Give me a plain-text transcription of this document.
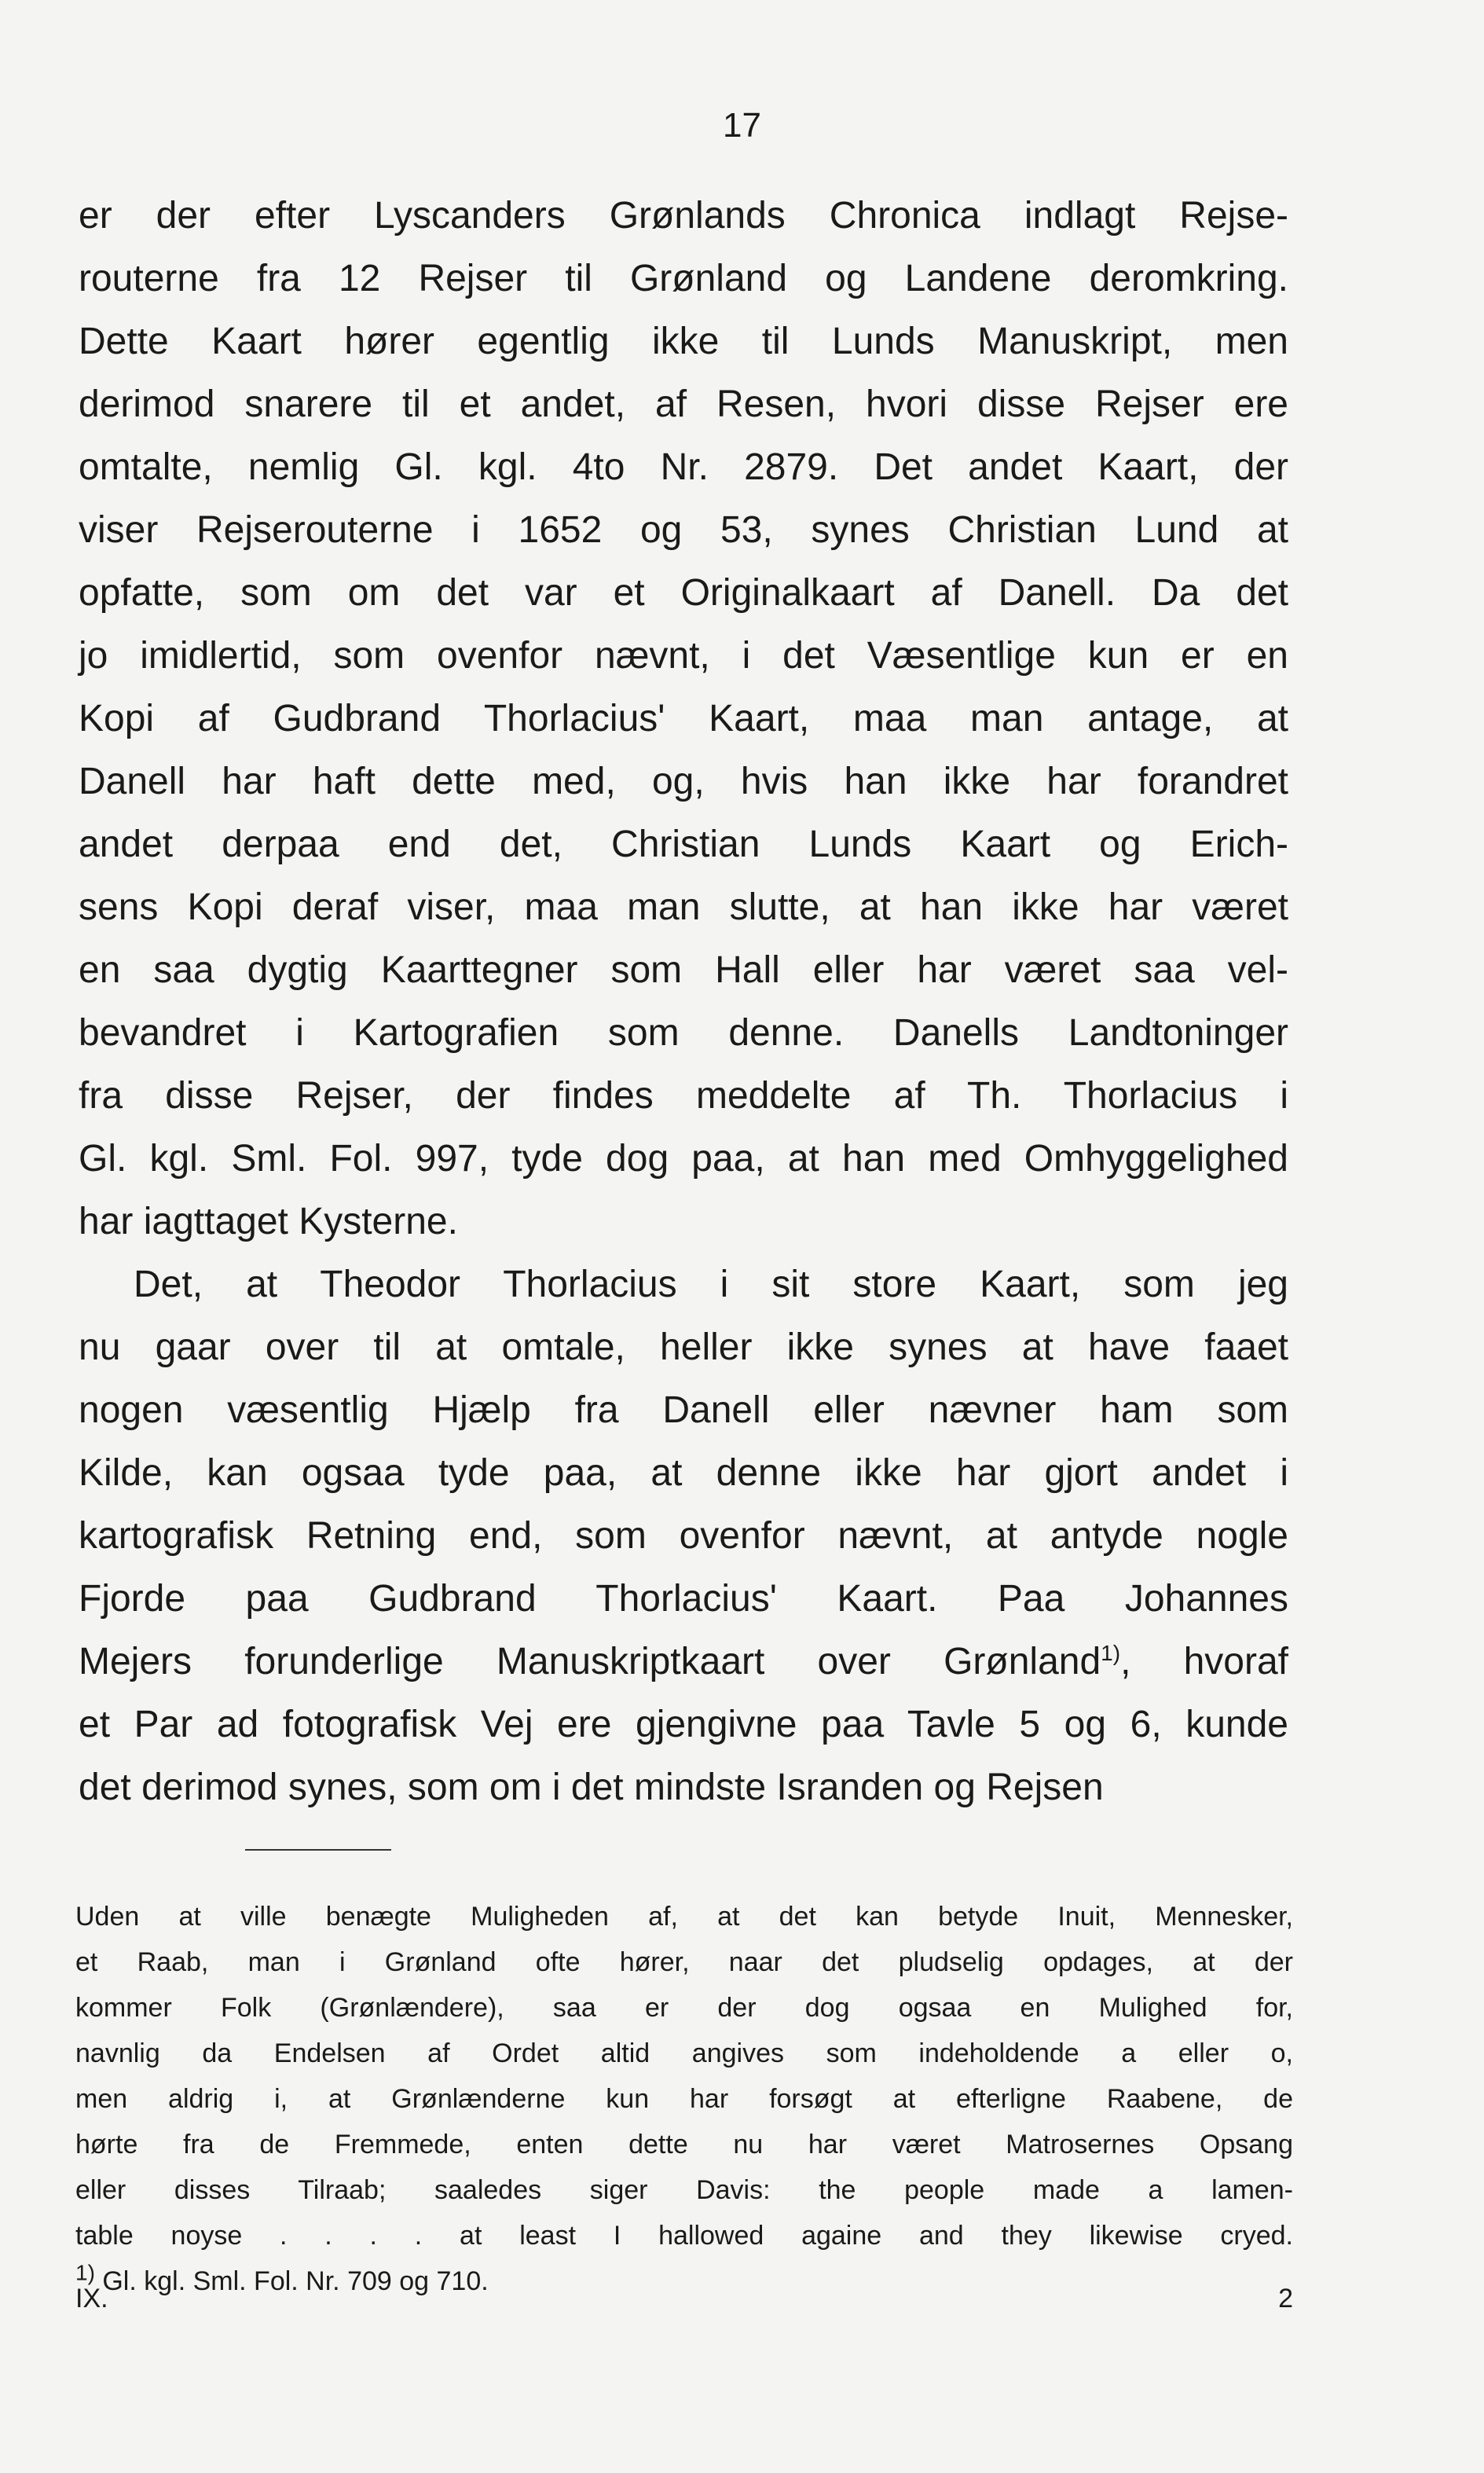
17
er der efter Lyscanders Grønlands Chronica indlagt Rejse-
routerne fra 12 Rejser til Grønland og Landene deromkring.
Dette Kaart hører egentlig ikke til Lunds Manuskript, men
derimod snarere til et andet, af Resen, hvori disse Rejser ere
omtalte, nemlig Gl. kgl. 4to Nr. 2879. Det andet Kaart, der
viser Rejserouterne i 1652 og 53, synes Christian Lund at
opfatte, som om det var et Originalkaart af Danell. Da det
jo imidlertid, som ovenfor nævnt, i det Væsentlige kun er en
Kopi af Gudbrand Thorlacius' Kaart, maa man antage, at
Danell har haft dette med, og, hvis han ikke har forandret
andet derpaa end det, Christian Lunds Kaart og Erich-
sens Kopi deraf viser, maa man slutte, at han ikke har været
en saa dygtig Kaarttegner som Hall eller har været saa vel-
bevandret i Kartografien som denne. Danells Landtoninger
fra disse Rejser, der findes meddelte af Th. Thorlacius i
Gl. kgl. Sml. Fol. 997, tyde dog paa, at han med Omhyggelighed
har iagttaget Kysterne.
Det, at Theodor Thorlacius i sit store Kaart, som jeg
nu gaar over til at omtale, heller ikke synes at have faaet
nogen væsentlig Hjælp fra Danell eller nævner ham som
Kilde, kan ogsaa tyde paa, at denne ikke har gjort andet i
kartografisk Retning end, som ovenfor nævnt, at antyde nogle
Fjorde paa Gudbrand Thorlacius' Kaart. Paa Johannes
Mejers forunderlige Manuskriptkaart over Grønland$^{1)}$, hvoraf
et Par ad fotografisk Vej ere gjengivne paa Tavle 5 og 6, kunde
det derimod synes, som om i det mindste Isranden og Rejsen
Uden at ville benægte Muligheden af, at det kan betyde Inuit, Mennesker,
et Raab, man i Grønland ofte hører, naar det pludselig opdages, at der
kommer Folk (Grønlændere), saa er der dog ogsaa en Mulighed for,
navnlig da Endelsen af Ordet altid angives som indeholdende a eller o,
men aldrig i, at Grønlænderne kun har forsøgt at efterligne Raabene, de
hørte fra de Fremmede, enten dette nu har været Matrosernes Opsang
eller disses Tilraab; saaledes siger Davis: the people made a lamen-
table noyse . . . . at least I hallowed againe and they likewise cryed.
$^{1)}$ Gl. kgl. Sml. Fol. Nr. 709 og 710.
IX.	2
